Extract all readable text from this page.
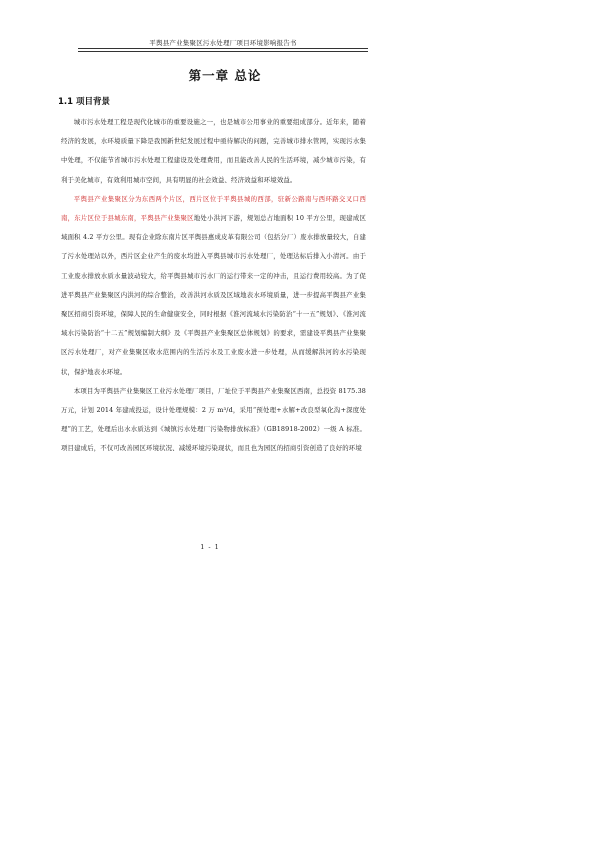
平舆县产业集聚区污水处理厂项目环境影响报告书
第一章 总论
1.1 项目背景

城市污水处理工程是现代化城市的重要设施之一，也是城市公用事业的重要组成部分。近年来，随着经济的发展，水环境质量下降是我国新世纪发展过程中亟待解决的问题，完善城市排水管网，实现污水集中处理，不仅能节省城市污水处理工程建设及处理费用，而且能改善人民的生活环境，减少城市污染，有利于美化城市，有效利用城市空间，具有明显的社会效益、经济效益和环境效益。

平舆县产业集聚区分为东西两个片区，西片区位于平舆县城的西部，驻新公路南与西环路交叉口西南，东片区位于县城东南，平舆县产业集聚区地处小洪河下游，规划总占地面积 10 平方公里，现建成区域面积 4.2 平方公里。现有企业除东南片区平舆县惠成皮革有限公司（包括分厂）废水排放量较大，自建了污水处理站以外，西片区企业产生的废水均进入平舆县城市污水处理厂，处理达标后排入小清河。由于工业废水排放水质水量波动较大，给平舆县城市污水厂的运行带来一定的冲击，且运行费用较高。为了促进平舆县产业集聚区内洪河的综合整治，改善洪河水质及区域地表水环境质量，进一步提高平舆县产业集聚区招商引资环境，保障人民的生命健康安全，同时根据《淮河流域水污染防治“十一五”规划》、《淮河流域水污染防治“十二五”规划编制大纲》及《平舆县产业集聚区总体规划》的要求，需建设平舆县产业集聚区污水处理厂，对产业集聚区收水范围内的生活污水及工业废水进一步处理，从而缓解洪河的水污染现状，保护地表水环境。

本项目为平舆县产业集聚区工业污水处理厂项目，厂址位于平舆县产业集聚区西南，总投资 8175.38 万元，计划 2014 年建成投运，设计处理规模：2 万 m³/d，采用“预处理+水解+改良型氧化沟+深度处理”的工艺，处理后出水水质达到《城镇污水处理厂污染物排放标准》（GB18918-2002）一级 A 标准。项目建成后，不仅可改善园区环境状况、减缓环境污染现状，而且也为园区的招商引资创造了良好的环境

1 - 1
